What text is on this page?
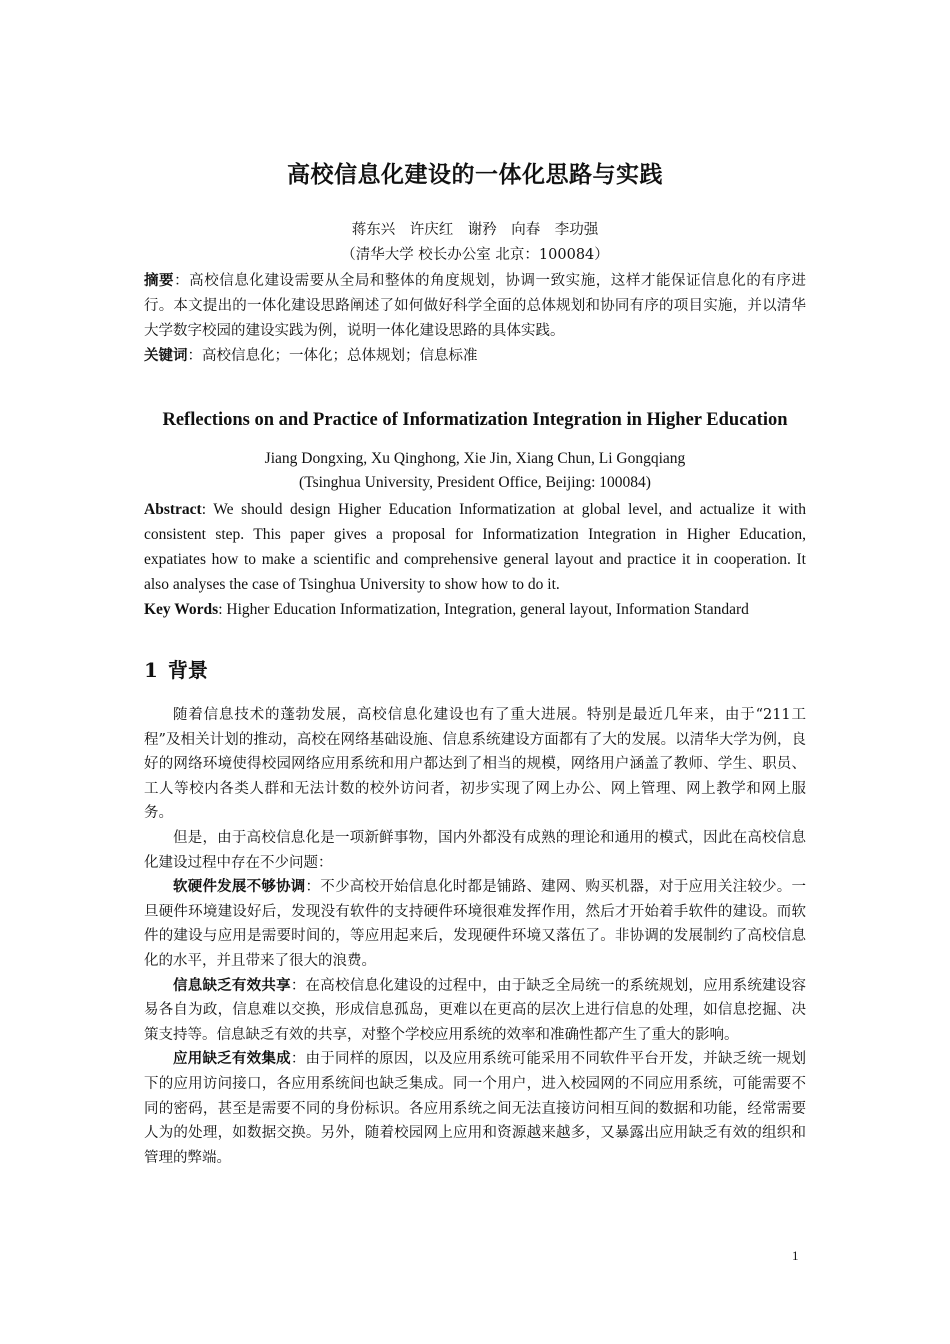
高校信息化建设的一体化思路与实践
蒋东兴　许庆红　谢矜　向春　李功强
（清华大学 校长办公室 北京：100084）
摘要：高校信息化建设需要从全局和整体的角度规划，协调一致实施，这样才能保证信息化的有序进行。本文提出的一体化建设思路阐述了如何做好科学全面的总体规划和协同有序的项目实施，并以清华大学数字校园的建设实践为例，说明一体化建设思路的具体实践。
关键词：高校信息化；一体化；总体规划；信息标准
Reflections on and Practice of Informatization Integration in Higher Education
Jiang Dongxing, Xu Qinghong, Xie Jin, Xiang Chun, Li Gongqiang
(Tsinghua University, President Office, Beijing: 100084)
Abstract: We should design Higher Education Informatization at global level, and actualize it with consistent step. This paper gives a proposal for Informatization Integration in Higher Education, expatiates how to make a scientific and comprehensive general layout and practice it in cooperation. It also analyses the case of Tsinghua University to show how to do it.
Key Words: Higher Education Informatization, Integration, general layout, Information Standard
1 背景

随着信息技术的蓬勃发展，高校信息化建设也有了重大进展。特别是最近几年来，由于“211工程”及相关计划的推动，高校在网络基础设施、信息系统建设方面都有了大的发展。以清华大学为例，良好的网络环境使得校园网络应用系统和用户都达到了相当的规模，网络用户涵盖了教师、学生、职员、工人等校内各类人群和无法计数的校外访问者，初步实现了网上办公、网上管理、网上教学和网上服务。

但是，由于高校信息化是一项新鲜事物，国内外都没有成熟的理论和通用的模式，因此在高校信息化建设过程中存在不少问题：

软硬件发展不够协调：不少高校开始信息化时都是铺路、建网、购买机器，对于应用关注较少。一旦硬件环境建设好后，发现没有软件的支持硬件环境很难发挥作用，然后才开始着手软件的建设。而软件的建设与应用是需要时间的，等应用起来后，发现硬件环境又落伍了。非协调的发展制约了高校信息化的水平，并且带来了很大的浪费。

信息缺乏有效共享：在高校信息化建设的过程中，由于缺乏全局统一的系统规划，应用系统建设容易各自为政，信息难以交换，形成信息孤岛，更难以在更高的层次上进行信息的处理，如信息挖掘、决策支持等。信息缺乏有效的共享，对整个学校应用系统的效率和准确性都产生了重大的影响。

应用缺乏有效集成：由于同样的原因，以及应用系统可能采用不同软件平台开发，并缺乏统一规划下的应用访问接口，各应用系统间也缺乏集成。同一个用户，进入校园网的不同应用系统，可能需要不同的密码，甚至是需要不同的身份标识。各应用系统之间无法直接访问相互间的数据和功能，经常需要人为的处理，如数据交换。另外，随着校园网上应用和资源越来越多，又暴露出应用缺乏有效的组织和管理的弊端。

1
